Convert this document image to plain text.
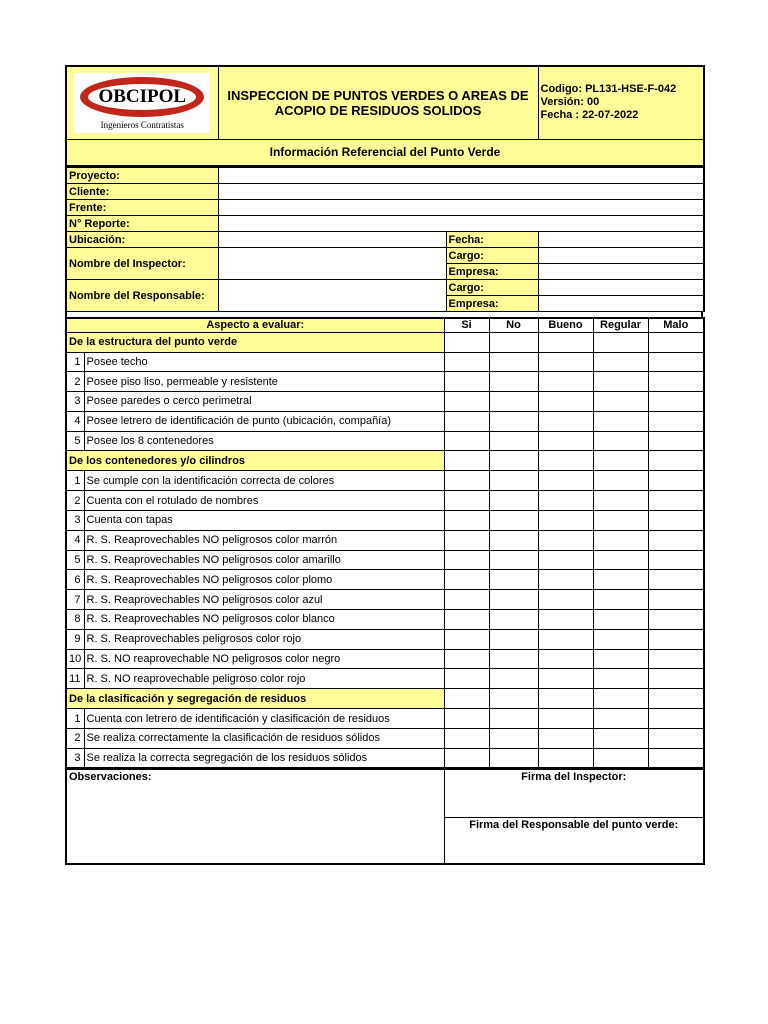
OBCIPOL
Ingenieros Contratistas
	INSPECCION DE PUNTOS VERDES O AREAS DE ACOPIO DE RESIDUOS SOLIDOS	
Codigo: PL131-HSE-F-042
Versión: 00
Fecha : 22-07-2022

Información Referencial del Punto Verde
Proyecto:			
Cliente:			
Frente:			
N° Reporte:			
Ubicación:		Fecha:	
Nombre del Inspector:		Cargo:	
		Empresa:	
Nombre del Responsable:		Cargo:	
		Empresa:	
Aspecto a evaluar:		Si	No	Bueno	Regular	Malo
De la estructura del punto verde						
1	Posee techo					
2	Posee piso liso, permeable y resistente					
3	Posee paredes o cerco perimetral					
4	Posee letrero de identificación de punto (ubicación, compañía)					
5	Posee los 8 contenedores					
De los contenedores y/o cilindros						
1	Se cumple con la identificación correcta de colores					
2	Cuenta con el rotulado de nombres					
3	Cuenta con tapas					
4	R. S. Reaprovechables NO peligrosos color marrón					
5	R. S. Reaprovechables NO peligrosos color amarillo					
6	R. S. Reaprovechables NO peligrosos color plomo					
7	R. S. Reaprovechables NO peligrosos color azul					
8	R. S. Reaprovechables NO peligrosos color blanco					
9	R. S. Reaprovechables peligrosos color rojo					
10	R. S. NO reaprovechable NO peligrosos color negro					
11	R. S. NO reaprovechable peligroso color rojo					
De la clasificación y segregación de residuos						
1	Cuenta con letrero de identificación y clasificación de residuos					
2	Se realiza correctamente la clasificación de residuos sólidos					
3	Se realiza la correcta segregación de los residuos sólidos					
Observaciones:	Firma del Inspector:
Firma del Responsable del punto verde:
